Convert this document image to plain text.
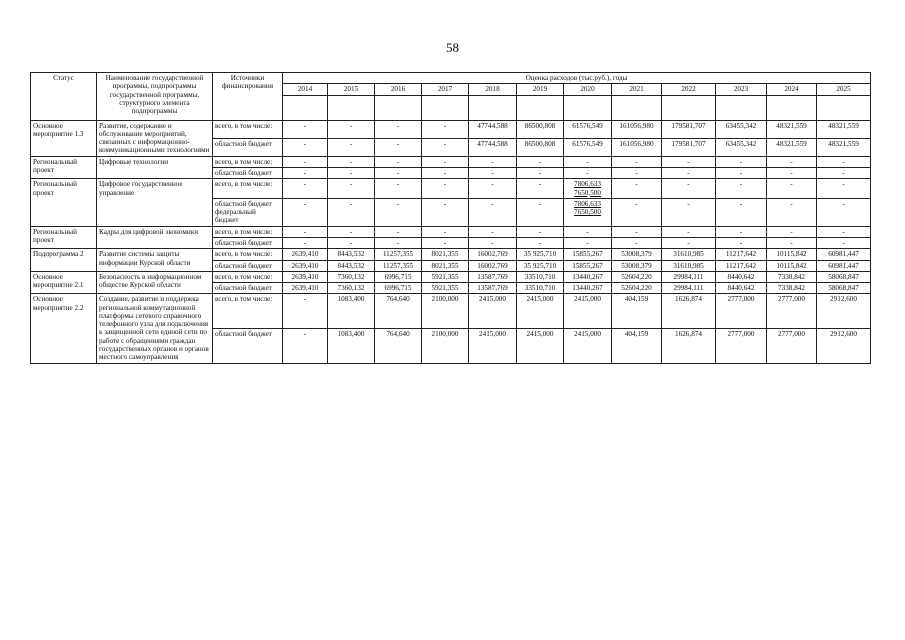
58
Статус	Наименование государственной программы, подпрограммы государственной программы, структурного элемента подпрограммы	Источники финансирования	Оценка расходов (тыс.руб.), годы											
			2014	2015	2016	2017	2018	2019	2020	2021	2022	2023	2024	2025

Основное мероприятие 1.3	Развитие, содержание и обслуживание мероприятий, связанных с информационно-коммуникационными технологиями	всего, в том числе:	-	-	-	-	47744,588	86500,808	61576,549	161056,980	179581,707	63455,342	48321,559	48321,559
		областной бюджет	-	-	-	-	47744,588	86500,808	61576,549	161056,980	179581,707	63455,342	48321,559	48321,559
Региональный проект	Цифровые технологии	всего, в том числе:	-	-	-	-	-	-	-	-	-	-	-	-
		областной бюджет	-	-	-	-	-	-	-	-	-	-	-	-
Региональный проект	Цифровое государственное управление	всего, в том числе:	-	-	-	-	-	-	7806,633
7650,500	-	-	-	-	-
		областной бюджет федеральный бюджет	-	-	-	-	-	-	7806,633
7650,500	-	-	-	-	-
Региональный проект	Кадры для цифровой экономики	всего, в том числе:	-	-	-	-	-	-	-	-	-	-	-	-
		областной бюджет	-	-	-	-	-	-	-	-	-	-	-	-
Подпрограмма 2	Развитие системы защиты информации Курской области	всего, в том числе:	2639,410	8443,532	11257,355	8021,355	16002,769	35 925,710	15855,267	53008,379	31610,985	11217,642	10115,842	60981,447
		областной бюджет	2639,410	8443,532	11257,355	8021,355	16002,769	35 925,710	15855,267	53008,379	31610,985	11217,642	10115,842	60981,447
Основное мероприятие 2.1	Безопасность в информационном обществе Курской области	всего, в том числе:	2639,410	7360,132	6996,715	5921,355	13587,769	33510,710	13440,267	52604,220	29984,111	8440,642	7338,842	58068,847
		областной бюджет	2639,410	7360,132	6996,715	5921,355	13587,769	33510,710	13440,267	52604,220	29984,111	8440,642	7338,842	58068,847
Основное мероприятие 2.2	Создание, развитие и поддержка региональной коммутационной платформы сетевого справочного телефонного узла для подключения к защищенной сети единой сети по работе с обращениями граждан государственных органов и органов местного самоуправления	всего, в том числе:	-	1083,400	764,640	2100,000	2415,000	2415,000	2415,000	404,159	1626,874	2777,000	2777,000	2912,600
		областной бюджет	-	1083,400	764,640	2100,000	2415,000	2415,000	2415,000	404,159	1626,874	2777,000	2777,000	2912,600
